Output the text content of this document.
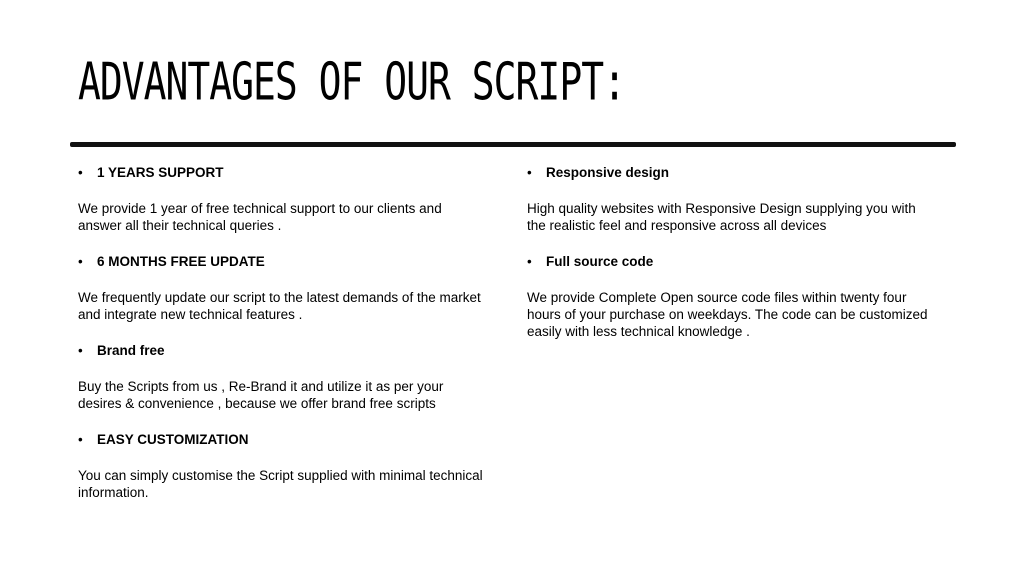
ADVANTAGES OF OUR SCRIPT:

•	1 YEARS SUPPORT

We provide 1 year of free technical support to our clients and answer all their technical queries .

•	6 MONTHS FREE UPDATE

We frequently update our script to the latest demands of the market and integrate new technical features .

•	Brand free

Buy the Scripts from us , Re-Brand it and utilize it as per your desires & convenience , because we offer brand free scripts

•	EASY CUSTOMIZATION

You can simply customise the Script supplied with minimal technical information.

•	Responsive design

High quality websites with Responsive Design supplying you with the realistic feel and responsive across all devices

•	Full source code

We provide Complete Open source code files within twenty four hours of your purchase on weekdays. The code can be customized easily with less technical knowledge .
